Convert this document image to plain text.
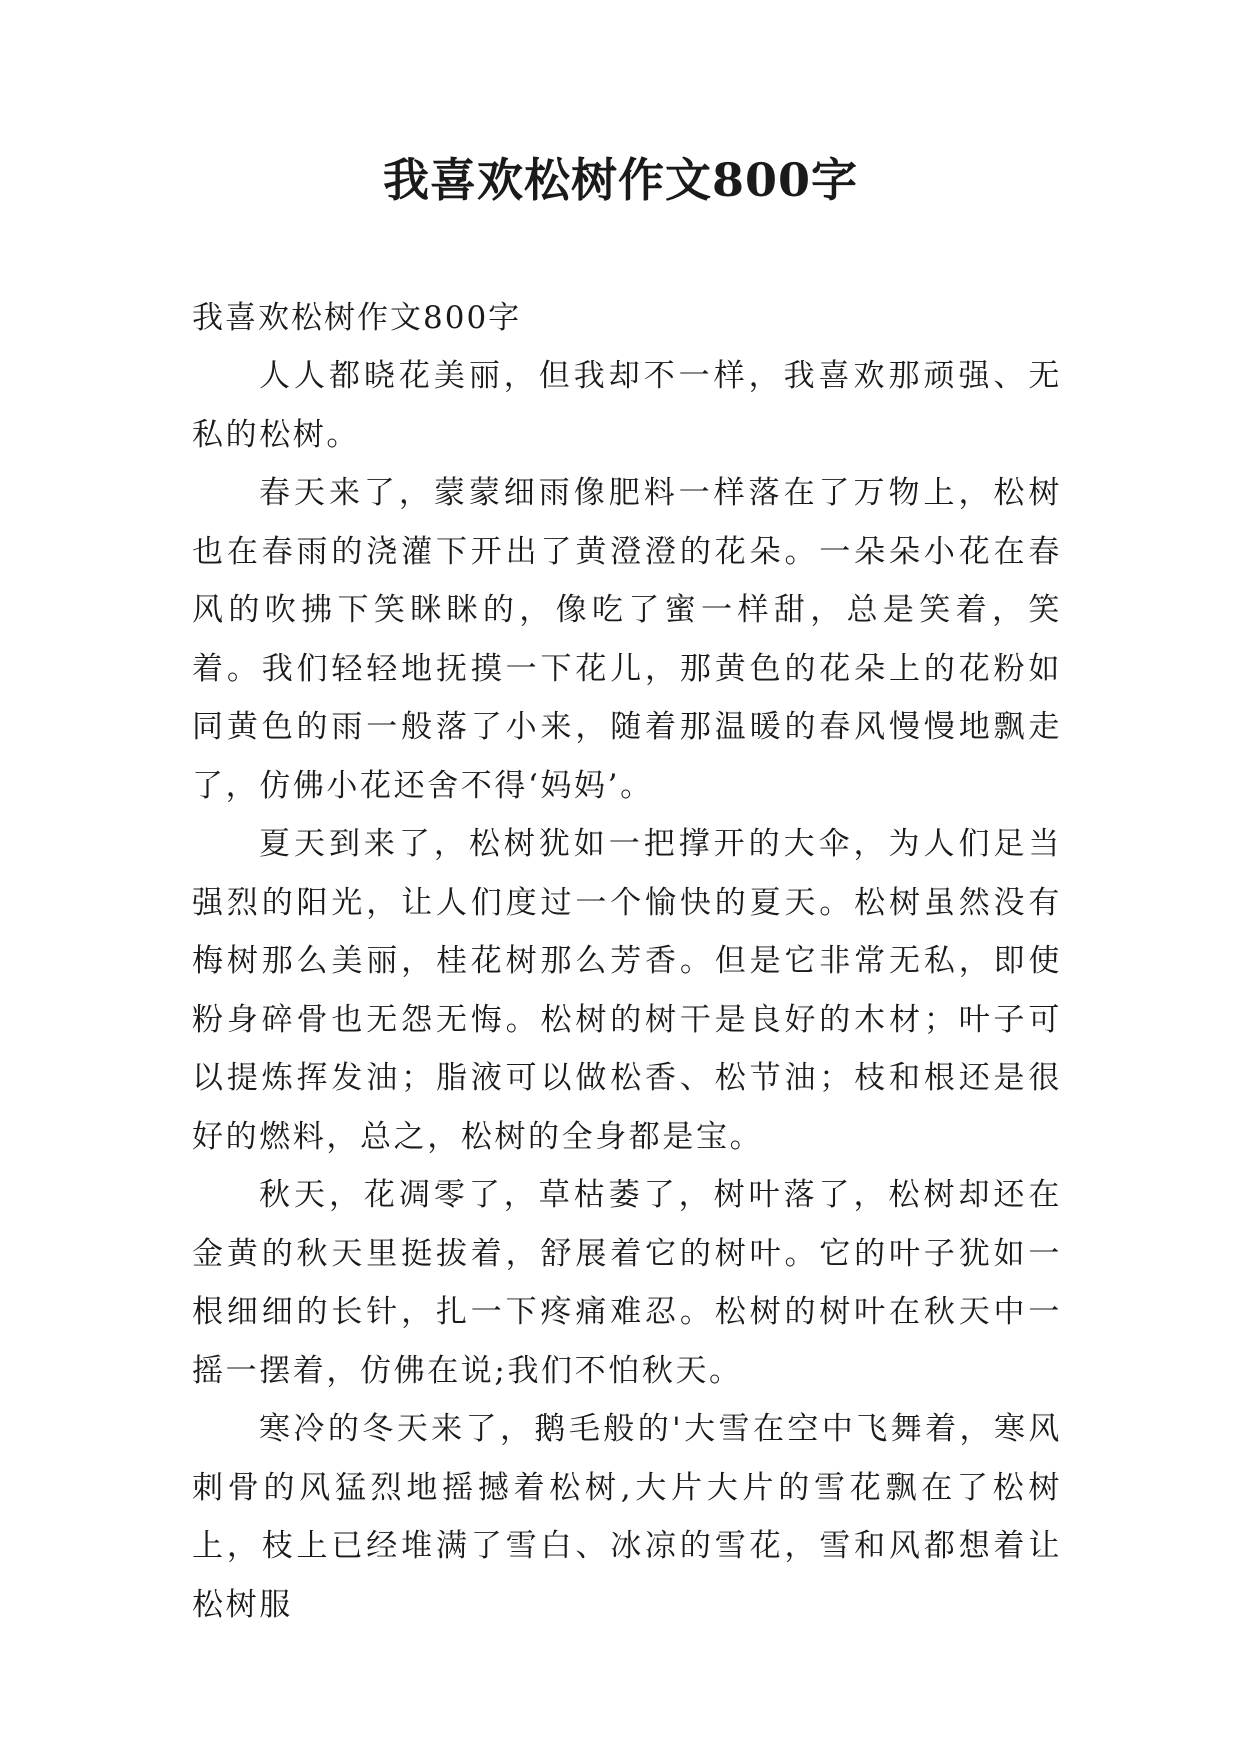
我喜欢松树作文800字

我喜欢松树作文800字

人人都晓花美丽，但我却不一样，我喜欢那顽强、无私的松树。

春天来了，蒙蒙细雨像肥料一样落在了万物上，松树也在春雨的浇灌下开出了黄澄澄的花朵。一朵朵小花在春风的吹拂下笑眯眯的，像吃了蜜一样甜，总是笑着，笑着。我们轻轻地抚摸一下花儿，那黄色的花朵上的花粉如同黄色的雨一般落了小来，随着那温暖的春风慢慢地飘走了，仿佛小花还舍不得‘妈妈’。

夏天到来了，松树犹如一把撑开的大伞，为人们足当强烈的阳光，让人们度过一个愉快的夏天。松树虽然没有梅树那么美丽，桂花树那么芳香。但是它非常无私，即使粉身碎骨也无怨无悔。松树的树干是良好的木材；叶子可以提炼挥发油；脂液可以做松香、松节油；枝和根还是很好的燃料，总之，松树的全身都是宝。

秋天，花凋零了，草枯萎了，树叶落了，松树却还在金黄的秋天里挺拔着，舒展着它的树叶。它的叶子犹如一根细细的长针，扎一下疼痛难忍。松树的树叶在秋天中一摇一摆着，仿佛在说;我们不怕秋天。

寒冷的冬天来了，鹅毛般的'大雪在空中飞舞着，寒风刺骨的风猛烈地摇撼着松树,大片大片的雪花飘在了松树上，枝上已经堆满了雪白、冰凉的雪花，雪和风都想着让松树服
